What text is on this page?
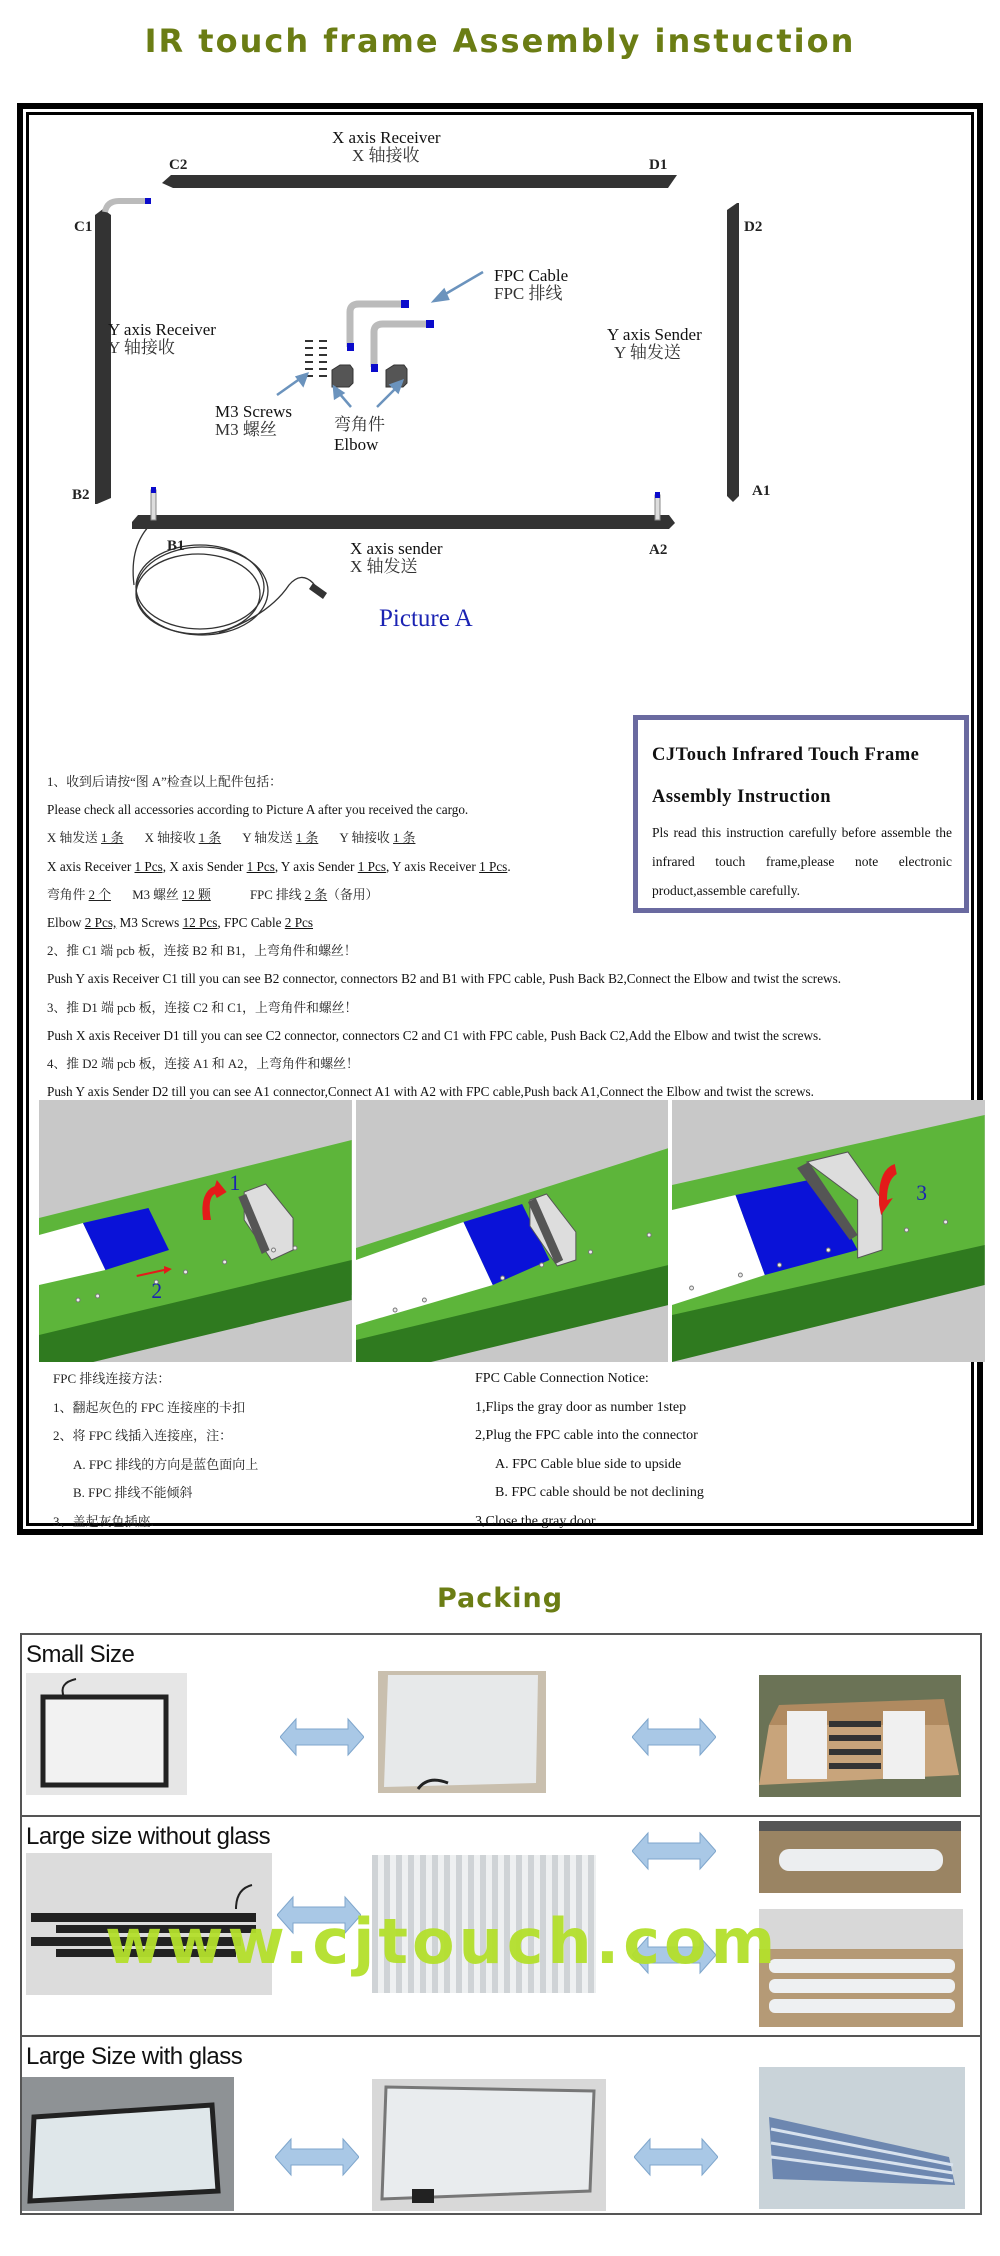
IR touch frame Assembly instuction
X axis Receiver
X 轴接收
Y axis Receiver
Y 轴接收
FPC Cable
FPC 排线
Y axis Sender
Y 轴发送
M3 Screws
M3 螺丝	弯角件
Elbow
X axis sender
X 轴发送
C2	D1
C1	D2
B2
B1
A1
A2
Picture A
CJTouch Infrared Touch Frame
Assembly Instruction
Pls read this instruction carefully before assemble the infrared touch frame,please note electronic product,assemble carefully.
1、收到后请按“图 A”检查以上配件包括：
Please check all accessories according to Picture A after you received the cargo.
X 轴发送 1 条 X 轴接收 1 条 Y 轴发送 1 条 Y 轴接收 1 条
X axis Receiver 1 Pcs, X axis Sender 1 Pcs, Y axis Sender 1 Pcs, Y axis Receiver 1 Pcs.
弯角件 2 个 M3 螺丝 12 颗	FPC 排线 2 条（备用）
Elbow 2 Pcs, M3 Screws 12 Pcs, FPC Cable 2 Pcs
2、推 C1 端 pcb 板，连接 B2 和 B1，上弯角件和螺丝！
Push Y axis Receiver C1 till you can see B2 connector, connectors B2 and B1 with FPC cable, Push Back B2,Connect the Elbow and twist the screws.
3、推 D1 端 pcb 板，连接 C2 和 C1，上弯角件和螺丝！
Push X axis Receiver D1 till you can see C2 connector, connectors C2 and C1 with FPC cable, Push Back C2,Add the Elbow and twist the screws.
4、推 D2 端 pcb 板，连接 A1 和 A2，上弯角件和螺丝！
Push Y axis Sender D2 till you can see A1 connector,Connect A1 with A2 with FPC cable,Push back A1,Connect the Elbow and twist the screws.
1
2
3
FPC 排线连接方法：
1、翻起灰色的 FPC 连接座的卡扣
2、将 FPC 线插入连接座，注：
A. FPC 排线的方向是蓝色面向上
B. FPC 排线不能倾斜
3、盖起灰色插座.
FPC Cable Connection Notice:
1,Flips the gray door as number 1step
2,Plug the FPC cable into the connector
A. FPC Cable blue side to upside
B. FPC cable should be not declining
3,Close the gray door
Packing
Small Size
Large size without glass
Large Size with glass
www.cjtouch.com
